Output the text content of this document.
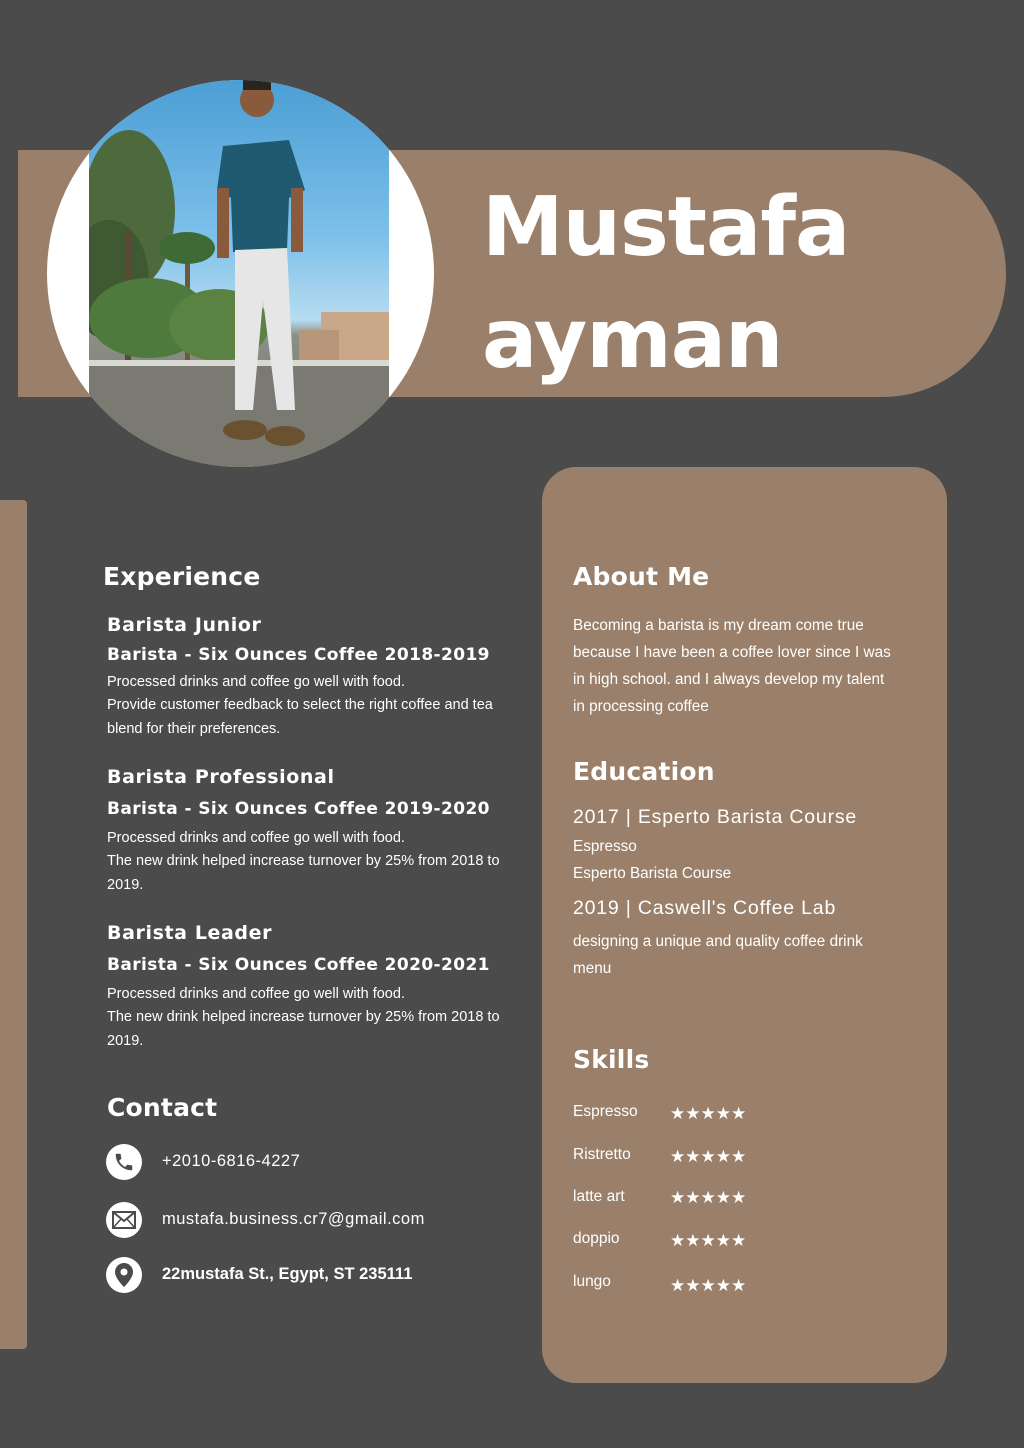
Mustafa
ayman
Experience
Barista Junior
Barista - Six Ounces Coffee 2018-2019
Processed drinks and coffee go well with food.
Provide customer feedback to select the right coffee and tea
blend for their preferences.
Barista Professional
Barista - Six Ounces Coffee 2019-2020
Processed drinks and coffee go well with food.
The new drink helped increase turnover by 25% from 2018 to
2019.
Barista Leader
Barista - Six Ounces Coffee 2020-2021
Processed drinks and coffee go well with food.
The new drink helped increase turnover by 25% from 2018 to
2019.
Contact
+2010-6816-4227
mustafa.business.cr7@gmail.com
22mustafa St., Egypt, ST 235111
About Me
Becoming a barista is my dream come true
because I have been a coffee lover since I was
in high school. and I always develop my talent
in processing coffee
Education
2017 | Esperto Barista Course
Espresso
Esperto Barista Course
2019 | Caswell's Coffee Lab
designing a unique and quality coffee drink
menu
Skills
Espresso ★★★★★
Ristretto ★★★★★
latte art	★★★★★
doppio	★★★★★
lungo	★★★★★
